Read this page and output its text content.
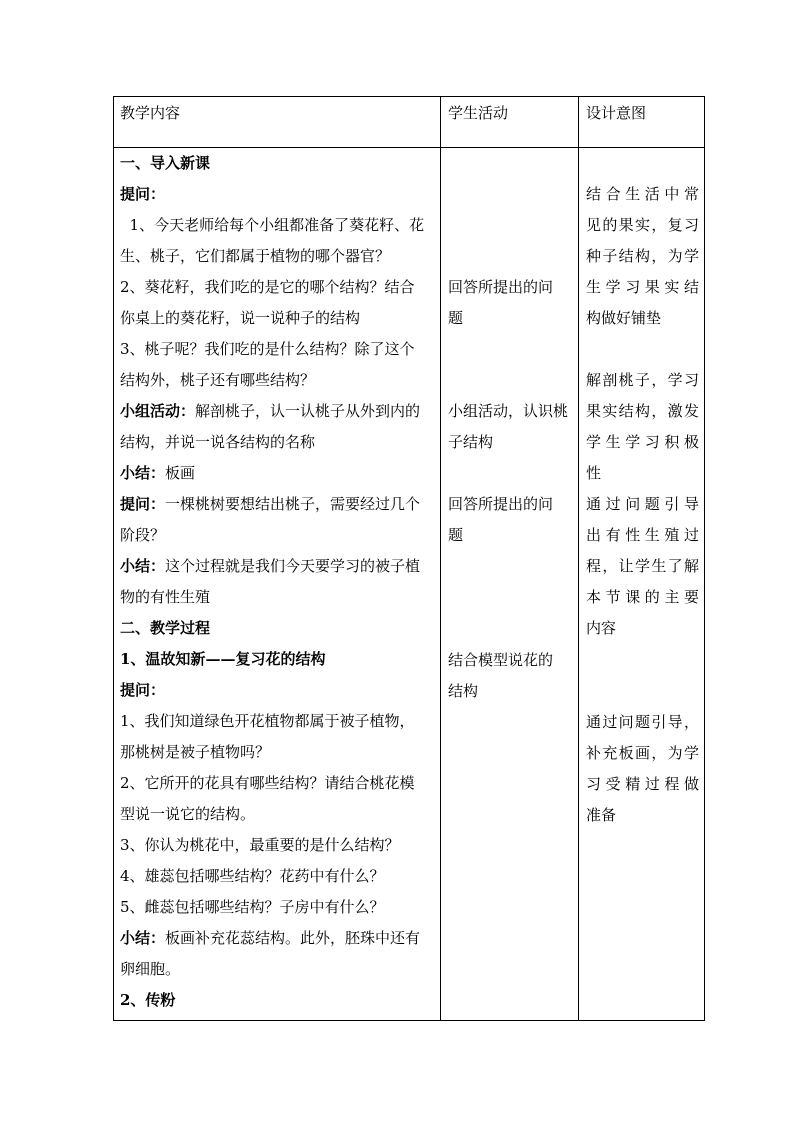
教学内容	学生活动	设计意图
一、导入新课
提问：
1、今天老师给每个小组都准备了葵花籽、花
生、桃子，它们都属于植物的哪个器官？
2、葵花籽，我们吃的是它的哪个结构？结合
你桌上的葵花籽，说一说种子的结构
3、桃子呢？我们吃的是什么结构？除了这个
结构外，桃子还有哪些结构？
小组活动：解剖桃子，认一认桃子从外到内的
结构，并说一说各结构的名称
小结：板画
提问：一棵桃树要想结出桃子，需要经过几个
阶段？
小结：这个过程就是我们今天要学习的被子植
物的有性生殖
二、教学过程
1、温故知新——复习花的结构
提问：
1、我们知道绿色开花植物都属于被子植物，
那桃树是被子植物吗？
2、它所开的花具有哪些结构？请结合桃花模
型说一说它的结构。
3、你认为桃花中，最重要的是什么结构？
4、雄蕊包括哪些结构？花药中有什么？
5、雌蕊包括哪些结构？子房中有什么？
小结：板画补充花蕊结构。此外，胚珠中还有
卵细胞。
2、传粉
回答所提出的问
题
小组活动，认识桃
子结构
回答所提出的问
题
结合模型说花的
结构
结合生活中常
见的果实，复习
种子结构，为学
生学习果实结
构做好铺垫
解剖桃子，学习
果实结构，激发
学生学习积极
性
通过问题引导
出有性生殖过
程，让学生了解
本节课的主要
内容
通过问题引导，
补充板画，为学
习受精过程做
准备
